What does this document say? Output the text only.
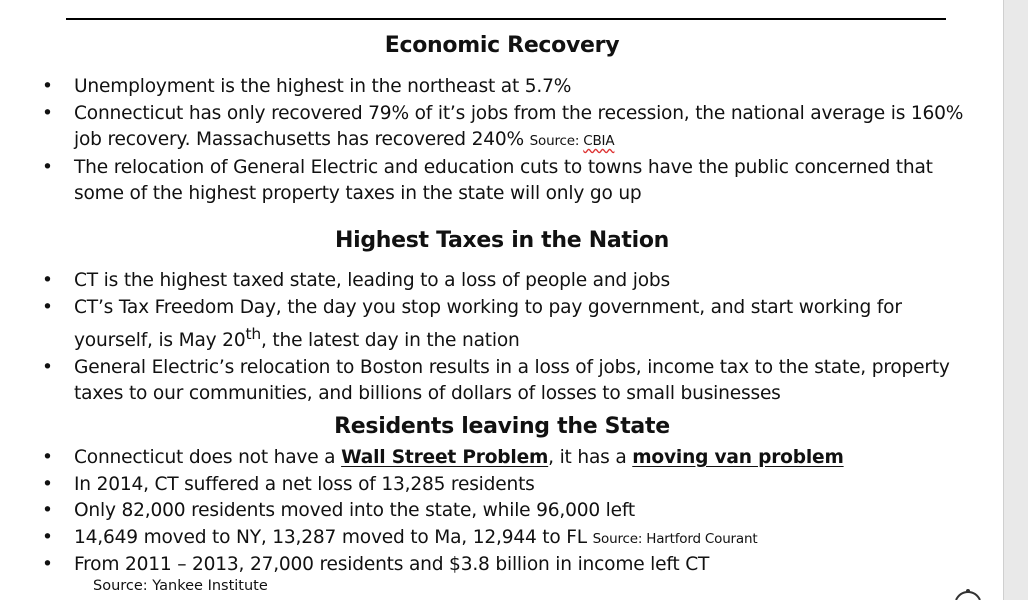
Economic Recovery
• Unemployment is the highest in the northeast at 5.7%
• Connecticut has only recovered 79% of it’s jobs from the recession, the national average is 160% job recovery. Massachusetts has recovered 240% Source: CBIA
• The relocation of General Electric and education cuts to towns have the public concerned that some of the highest property taxes in the state will only go up
Highest Taxes in the Nation
• CT is the highest taxed state, leading to a loss of people and jobs
• CT’s Tax Freedom Day, the day you stop working to pay government, and start working for yourself, is May 20th, the latest day in the nation
• General Electric’s relocation to Boston results in a loss of jobs, income tax to the state, property taxes to our communities, and billions of dollars of losses to small businesses
Residents leaving the State
• Connecticut does not have a Wall Street Problem, it has a moving van problem
• In 2014, CT suffered a net loss of 13,285 residents
• Only 82,000 residents moved into the state, while 96,000 left
• 14,649 moved to NY, 13,287 moved to Ma, 12,944 to FL Source: Hartford Courant
• From 2011 – 2013, 27,000 residents and $3.8 billion in income left CT
Source: Yankee Institute
